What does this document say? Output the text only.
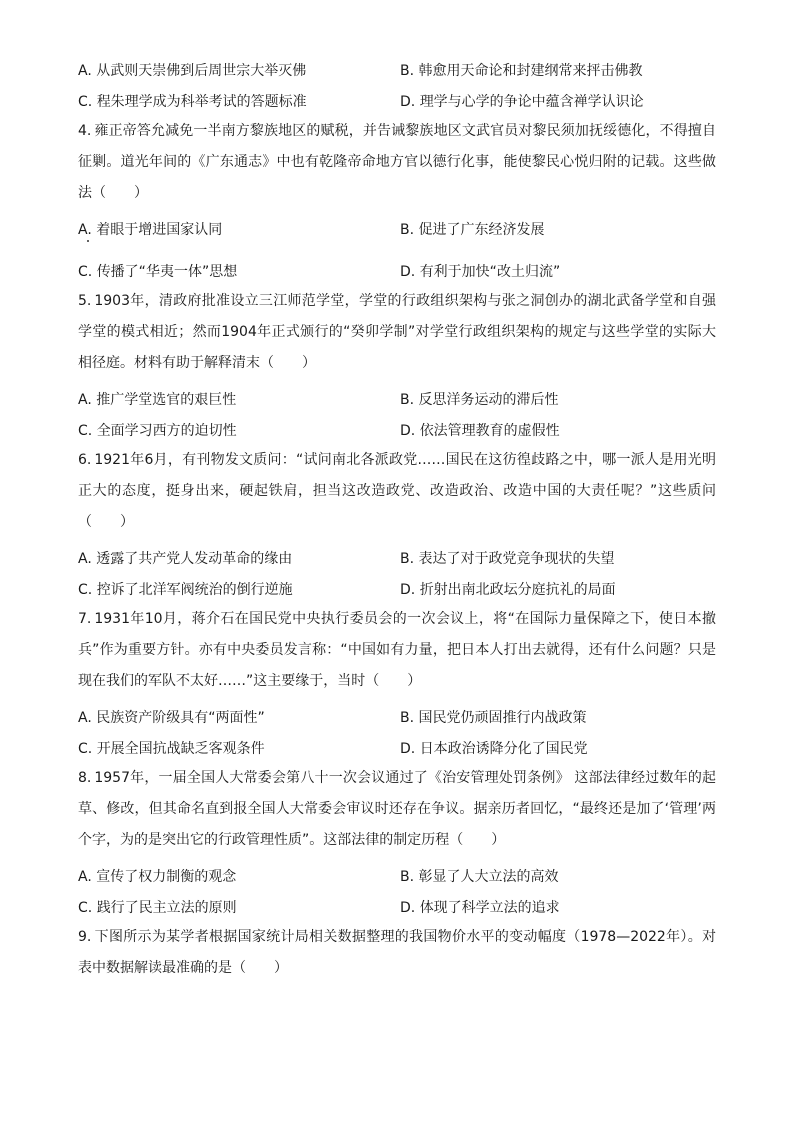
A. 从武则天崇佛到后周世宗大举灭佛	B. 韩愈用天命论和封建纲常来抨击佛教
C. 程朱理学成为科举考试的答题标准	D. 理学与心学的争论中蕴含禅学认识论
4. 雍正帝答允减免一半南方黎族地区的赋税，并告诫黎族地区文武官员对黎民须加抚绥德化，不得擅自征剿。道光年间的《广东通志》中也有乾隆帝命地方官以德行化事，能使黎民心悦归附的记载。这些做法（　　）
A. 着眼于增进国家认同	B. 促进了广东经济发展
C. 传播了“华夷一体”思想	D. 有利于加快“改土归流”
5. 1903年，清政府批准设立三江师范学堂，学堂的行政组织架构与张之洞创办的湖北武备学堂和自强学堂的模式相近；然而1904年正式颁行的“癸卯学制”对学堂行政组织架构的规定与这些学堂的实际大相径庭。材料有助于解释清末（　　）
A. 推广学堂选官的艰巨性	B. 反思洋务运动的滞后性
C. 全面学习西方的迫切性	D. 依法管理教育的虚假性
6. 1921年6月，有刊物发文质问：“试问南北各派政党……国民在这彷徨歧路之中，哪一派人是用光明正大的态度，挺身出来，硬起铁肩，担当这改造政党、改造政治、改造中国的大责任呢？”这些质问（　　）
A. 透露了共产党人发动革命的缘由	B. 表达了对于政党竞争现状的失望
C. 控诉了北洋军阀统治的倒行逆施	D. 折射出南北政坛分庭抗礼的局面
7. 1931年10月，蒋介石在国民党中央执行委员会的一次会议上，将“在国际力量保障之下，使日本撤兵”作为重要方针。亦有中央委员发言称：“中国如有力量，把日本人打出去就得，还有什么问题？只是现在我们的军队不太好……”这主要缘于，当时（　　）
A. 民族资产阶级具有“两面性”	B. 国民党仍顽固推行内战政策
C. 开展全国抗战缺乏客观条件	D. 日本政治诱降分化了国民党
8. 1957年，一届全国人大常委会第八十一次会议通过了《治安管理处罚条例》 这部法律经过数年的起草、修改，但其命名直到报全国人大常委会审议时还存在争议。据亲历者回忆，“最终还是加了‘管理’两个字，为的是突出它的行政管理性质”。这部法律的制定历程（　　）
A. 宣传了权力制衡的观念	B. 彰显了人大立法的高效
C. 践行了民主立法的原则	D. 体现了科学立法的追求
9. 下图所示为某学者根据国家统计局相关数据整理的我国物价水平的变动幅度（1978—2022年）。对表中数据解读最准确的是（　　）
